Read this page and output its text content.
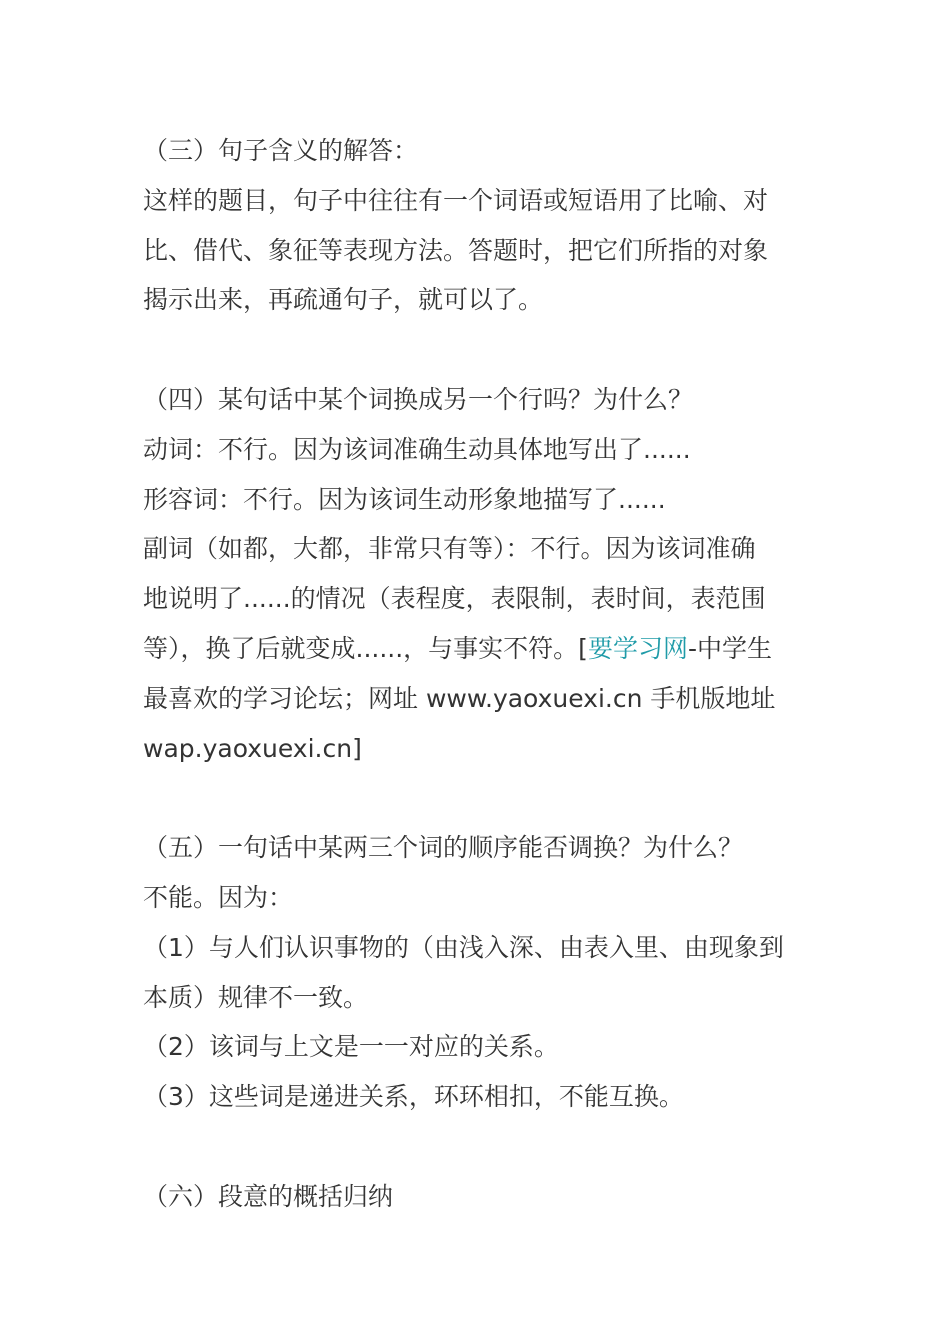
（三）句子含义的解答：
这样的题目，句子中往往有一个词语或短语用了比喻、对
比、借代、象征等表现方法。答题时，把它们所指的对象
揭示出来，再疏通句子，就可以了。
（四）某句话中某个词换成另一个行吗？为什么？
动词：不行。因为该词准确生动具体地写出了......
形容词：不行。因为该词生动形象地描写了......
副词（如都，大都，非常只有等）：不行。因为该词准确
地说明了......的情况（表程度，表限制，表时间，表范围
等），换了后就变成......，与事实不符。[要学习网-中学生
最喜欢的学习论坛；网址 www.yaoxuexi.cn 手机版地址
wap.yaoxuexi.cn]
（五）一句话中某两三个词的顺序能否调换？为什么？
不能。因为：
（1）与人们认识事物的（由浅入深、由表入里、由现象到
本质）规律不一致。
（2）该词与上文是一一对应的关系。
（3）这些词是递进关系，环环相扣，不能互换。
（六）段意的概括归纳
